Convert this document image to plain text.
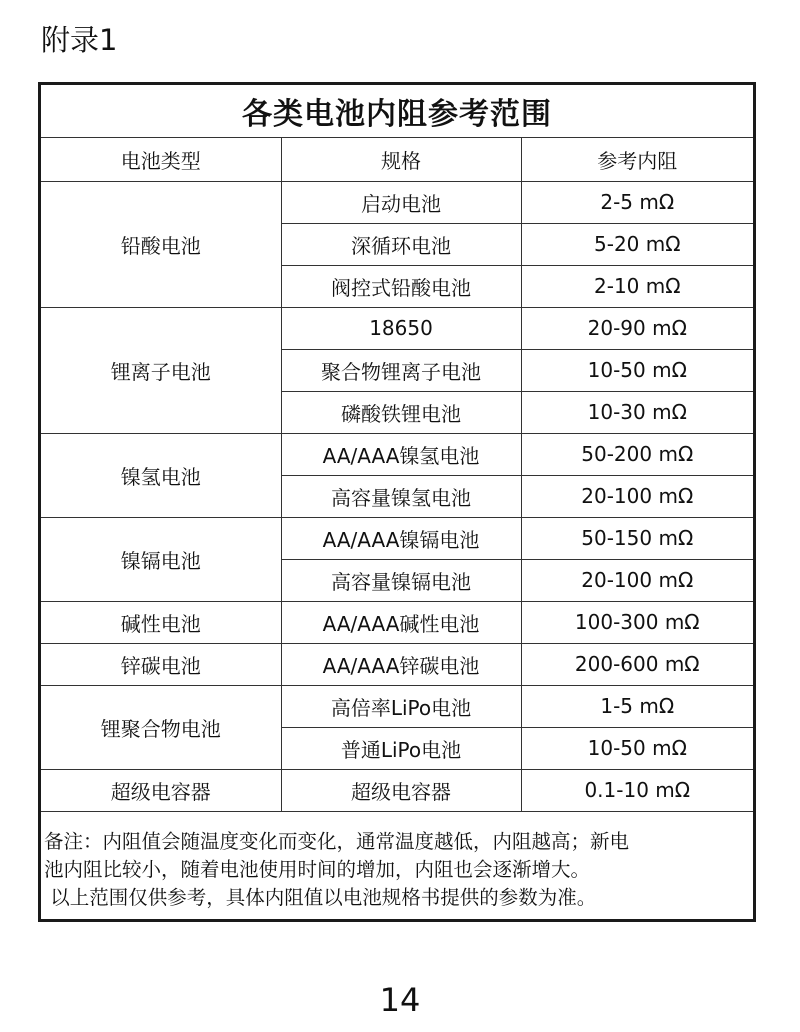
附录1
各类电池内阻参考范围		
电池类型	规格	参考内阻
铅酸电池	启动电池	2-5 mΩ
	深循环电池	5-20 mΩ
	阀控式铅酸电池	2-10 mΩ
锂离子电池	18650	20-90 mΩ
	聚合物锂离子电池	10-50 mΩ
	磷酸铁锂电池	10-30 mΩ
镍氢电池	AA/AAA镍氢电池	50-200 mΩ
	高容量镍氢电池	20-100 mΩ
镍镉电池	AA/AAA镍镉电池	50-150 mΩ
	高容量镍镉电池	20-100 mΩ
碱性电池	AA/AAA碱性电池	100-300 mΩ
锌碳电池	AA/AAA锌碳电池	200-600 mΩ
锂聚合物电池	高倍率LiPo电池	1-5 mΩ
	普通LiPo电池	10-50 mΩ
超级电容器	超级电容器	0.1-10 mΩ
备注：内阻值会随温度变化而变化，通常温度越低，内阻越高；新电
池内阻比较小，随着电池使用时间的增加，内阻也会逐渐增大。
以上范围仅供参考，具体内阻值以电池规格书提供的参数为准。
14
